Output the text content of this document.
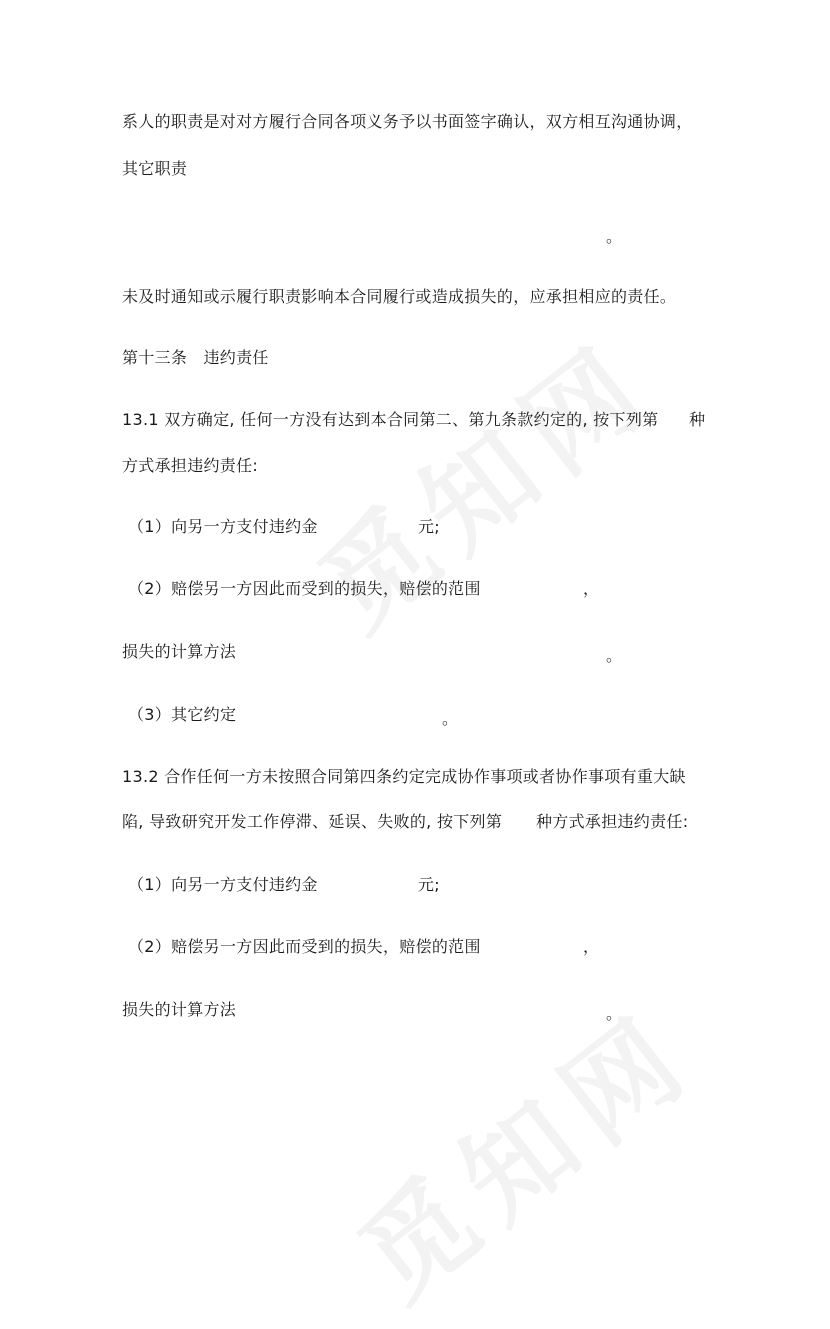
系人的职责是对对方履行合同各项义务予以书面签字确认，双方相互沟通协调，
其它职责
。
未及时通知或示履行职责影响本合同履行或造成损失的，应承担相应的责任。
第十三条　违约责任
13.1 双方确定, 任何一方没有达到本合同第二、第九条款约定的, 按下列第 种
方式承担违约责任:
（1）向另一方支付违约金	元;
（2）赔偿另一方因此而受到的损失，赔偿的范围	，
损失的计算方法	。
（3）其它约定	。
13.2 合作任何一方未按照合同第四条约定完成协作事项或者协作事项有重大缺
陷, 导致研究开发工作停滞、延误、失败的, 按下列第 种方式承担违约责任:
（1）向另一方支付违约金	元;
（2）赔偿另一方因此而受到的损失，赔偿的范围	，
损失的计算方法	。
